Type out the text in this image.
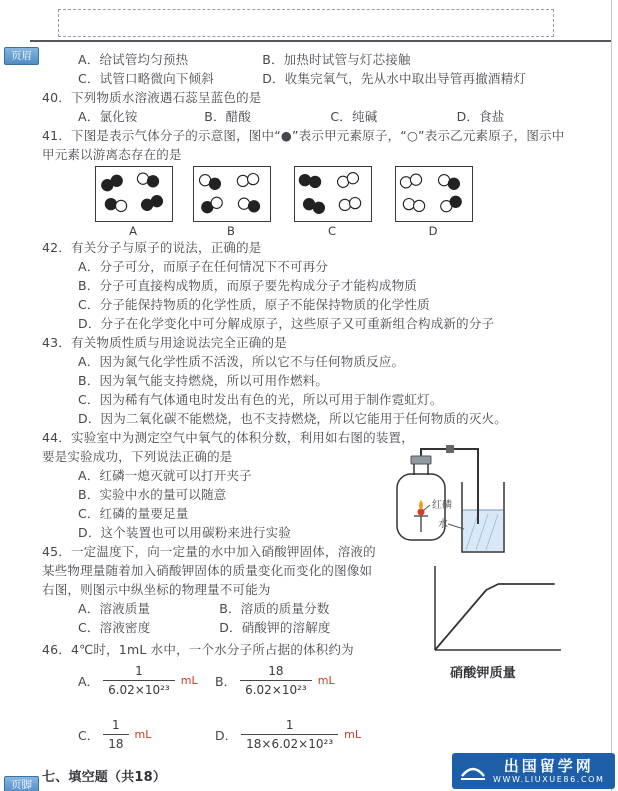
页眉	A．给试管均匀预热	B．加热时试管与灯芯接触
C．试管口略微向下倾斜	D．收集完氧气，先从水中取出导管再撤酒精灯
40．下列物质水溶液遇石蕊呈蓝色的是
A．氯化铵	B．醋酸	C．纯碱	D．食盐
41．下图是表示气体分子的示意图，图中“●”表示甲元素原子，“○”表示乙元素原子，图示中
甲元素以游离态存在的是
A	B	C	D
42．有关分子与原子的说法，正确的是
A．分子可分，而原子在任何情况下不可再分
B．分子可直接构成物质，而原子要先构成分子才能构成物质
C．分子能保持物质的化学性质，原子不能保持物质的化学性质
D．分子在化学变化中可分解成原子，这些原子又可重新组合构成新的分子
43．有关物质性质与用途说法完全正确的是
A．因为氮气化学性质不活泼，所以它不与任何物质反应。
B．因为氧气能支持燃烧，所以可用作燃料。
C．因为稀有气体通电时发出有色的光，所以可用于制作霓虹灯。
D．因为二氧化碳不能燃烧，也不支持燃烧，所以它能用于任何物质的灭火。
44．实验室中为测定空气中氧气的体积分数，利用如右图的装置，
要是实验成功，下列说法正确的是
A．红磷一熄灭就可以打开夹子
B．实验中水的量可以随意
C．红磷的量要足量
D．这个装置也可以用碳粉来进行实验
红磷
水
45．一定温度下，向一定量的水中加入硝酸钾固体，溶液的
某些物理量随着加入硝酸钾固体的质量变化而变化的图像如
右图，则图示中纵坐标的物理量不可能为
A．溶液质量	B．溶质的质量分数
C．溶液密度	D．硝酸钾的溶解度
硝酸钾质量
46．4℃时，1mL 水中，一个水分子所占据的体积约为
A． $\frac{1}{\text{6.02×10²³}}$ mL B． $\frac{18}{\text{6.02×10²³}}$ mL
C． $\frac{1}{18}$ mL	D． $\frac{1}{\text{18×6.02×10²³}}$ mL
七、填空题（共18）
页脚
出国留学网
WWW.LIUXUE86.COM
